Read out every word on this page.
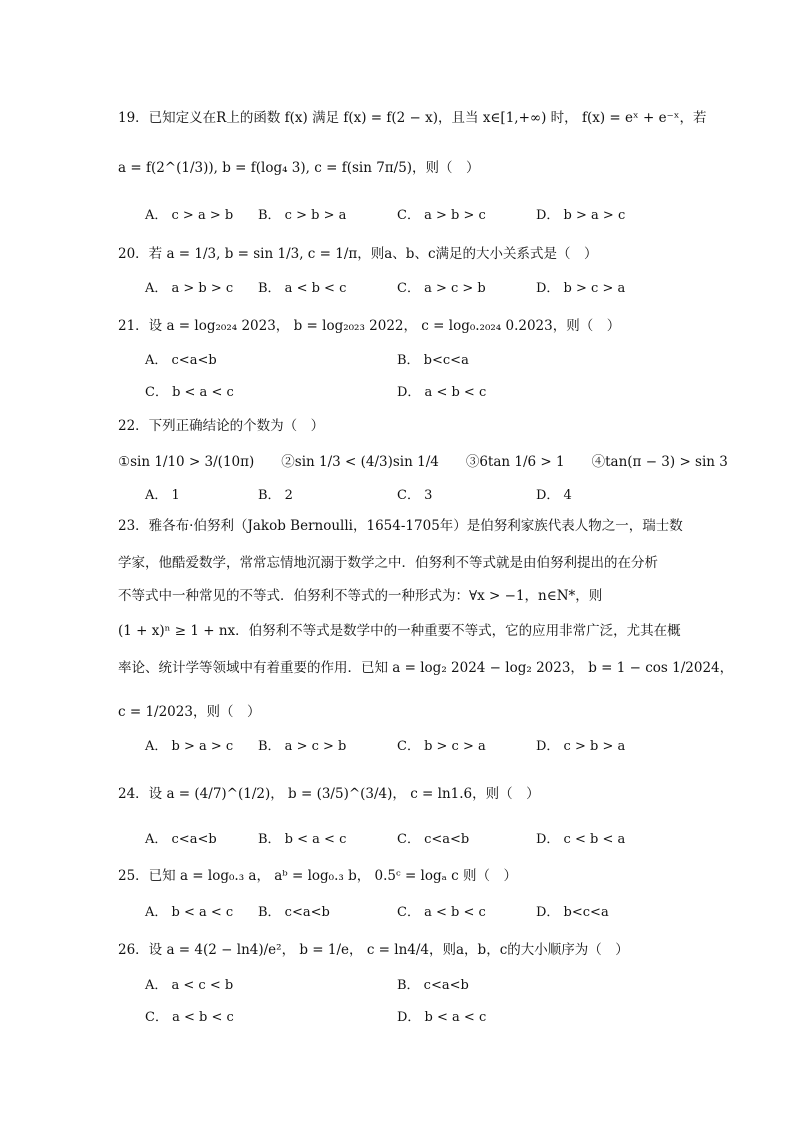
19．已知定义在R上的函数 f(x) 满足 f(x) = f(2 − x)，且当 x∈[1,+∞) 时， f(x) = eˣ + e⁻ˣ，若
a = f(2^(1/3)), b = f(log₄ 3), c = f(sin 7π/5)，则（　）
20．若 a = 1/3, b = sin 1/3, c = 1/π，则a、b、c满足的大小关系式是（　）
21．设 a = log₂₀₂₄ 2023， b = log₂₀₂₃ 2022， c = log₀.₂₀₂₄ 0.2023，则（　）
22．下列正确结论的个数为（　）
①sin 1/10 > 3/(10π)　　②sin 1/3 < (4/3)sin 1/4　　③6tan 1/6 > 1　　④tan(π − 3) > sin 3
23．雅各布·伯努利（Jakob Bernoulli，1654-1705年）是伯努利家族代表人物之一，瑞士数
学家，他酷爱数学，常常忘情地沉溺于数学之中．伯努利不等式就是由伯努利提出的在分析
不等式中一种常见的不等式．伯努利不等式的一种形式为：∀x > −1，n∈N*，则
(1 + x)ⁿ ≥ 1 + nx．伯努利不等式是数学中的一种重要不等式，它的应用非常广泛，尤其在概
率论、统计学等领域中有着重要的作用．已知 a = log₂ 2024 − log₂ 2023， b = 1 − cos 1/2024，
c = 1/2023，则（　）
24．设 a = (4/7)^(1/2)， b = (3/5)^(3/4)， c = ln1.6，则（　）
25．已知 a = log₀.₃ a， aᵇ = log₀.₃ b， 0.5ᶜ = logₐ c 则（　）
26．设 a = 4(2 − ln4)/e²， b = 1/e， c = ln4/4，则a，b，c的大小顺序为（　）
A． c > a > b B． c > b > a	C． a > b > c	D． b > a > c
A． a > b > c B． a < b < c	C． a > c > b	D． b > c > a
A． c<a<b	B． b<c<a
C． b < a < c	D． a < b < c
A． 1	B． 2	C． 3	D． 4
A． b > a > c B． a > c > b	C． b > c > a	D． c > b > a
A． c<a<b	B． b < a < c	C． c<a<b	D． c < b < a
A． b < a < c B． c<a<b	C． a < b < c	D． b<c<a
A． a < c < b	B． c<a<b
C． a < b < c	D． b < a < c
